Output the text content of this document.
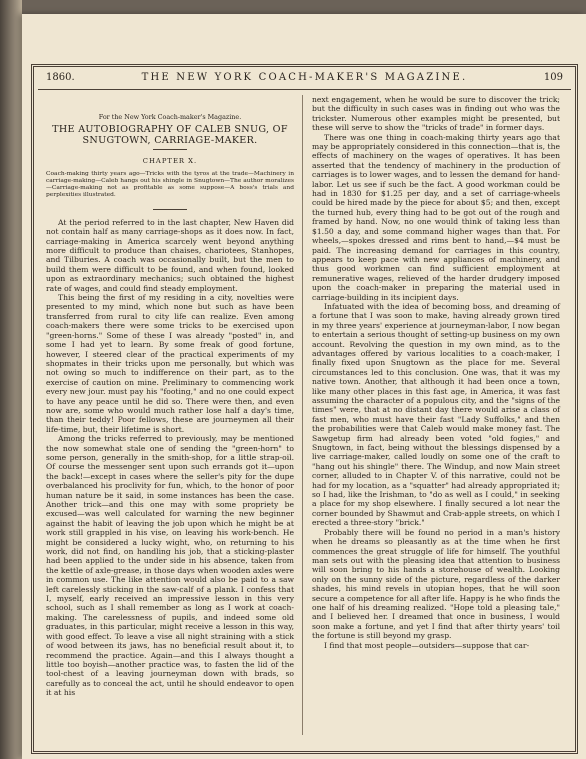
1860.	THE NEW YORK COACH-MAKER'S MAGAZINE.	109
For the New York Coach-maker's Magazine.
THE AUTOBIOGRAPHY OF CALEB SNUG, OF SNUGTOWN, CARRIAGE-MAKER.
CHAPTER X.

Coach-making thirty years ago—Tricks with the tyros at the trade—Machinery in carriage-making—Caleb hangs out his shingle in Snugtown—The author moralizes—Carriage-making not as profitable as some suppose—A boss's trials and perplexities illustrated.

At the period referred to in the last chapter, New Haven did not contain half as many carriage-shops as it does now. In fact, carriage-making in America scarcely went beyond anything more difficult to produce than chaises, chariotees, Stanhopes, and Tilburies. A coach was occasionally built, but the men to build them were difficult to be found, and when found, looked upon as extraordinary mechanics; such obtained the highest rate of wages, and could find steady employment.

This being the first of my residing in a city, novelties were presented to my mind, which none but such as have been transferred from rural to city life can realize. Even among coach-makers there were some tricks to be exercised upon "green-horns." Some of these I was already "posted" in, and some I had yet to learn. By some freak of good fortune, however, I steered clear of the practical experiments of my shopmates in their tricks upon me personally, but which was not owing so much to indifference on their part, as to the exercise of caution on mine. Preliminary to commencing work every new jour. must pay his "footing," and no one could expect to have any peace until he did so. There were then, and even now are, some who would much rather lose half a day's time, than their teddy! Poor fellows, these are journeymen all their life-time, but, their lifetime is short.

Among the tricks referred to previously, may be mentioned the now somewhat stale one of sending the "green-horn" to some person, generally in the smith-shop, for a little strap-oil. Of course the messenger sent upon such errands got it—upon the back!—except in cases where the seller's pity for the dupe overbalanced his proclivity for fun, which, to the honor of poor human nature be it said, in some instances has been the case. Another trick—and this one may with some propriety be excused—was well calculated for warning the new beginner against the habit of leaving the job upon which he might be at work still grappled in his vise, on leaving his work-bench. He might be considered a lucky wight, who, on returning to his work, did not find, on handling his job, that a sticking-plaster had been applied to the under side in his absence, taken from the kettle of axle-grease, in those days when wooden axles were in common use. The like attention would also be paid to a saw left carelessly sticking in the saw-calf of a plank. I confess that I, myself, early received an impressive lesson in this very school, such as I shall remember as long as I work at coach-making. The carelessness of pupils, and indeed some old graduates, in this particular, might receive a lesson in this way, with good effect. To leave a vise all night straining with a stick of wood between its jaws, has no beneficial result about it, to recommend the practice. Again—and this I always thought a little too boyish—another practice was, to fasten the lid of the tool-chest of a leaving journeyman down with brads, so carefully as to conceal the act, until he should endeavor to open it at his

next engagement, when he would be sure to discover the trick; but the difficulty in such cases was in finding out who was the trickster. Numerous other examples might be presented, but these will serve to show the "tricks of trade" in former days.

There was one thing in coach-making thirty years ago that may be appropriately considered in this connection—that is, the effects of machinery on the wages of operatives. It has been asserted that the tendency of machinery in the production of carriages is to lower wages, and to lessen the demand for hand-labor. Let us see if such be the fact. A good workman could be had in 1830 for $1.25 per day, and a set of carriage-wheels could be hired made by the piece for about $5; and then, except the turned hub, every thing had to be got out of the rough and framed by hand. Now, no one would think of taking less than $1.50 a day, and some command higher wages than that. For wheels,—spokes dressed and rims bent to hand,—$4 must be paid. The increasing demand for carriages in this country, appears to keep pace with new appliances of machinery, and thus good workmen can find sufficient employment at remunerative wages, relieved of the harder drudgery imposed upon the coach-maker in preparing the material used in carriage-building in its incipient days.

Infatuated with the idea of becoming boss, and dreaming of a fortune that I was soon to make, having already grown tired in my three years' experience at journeyman-labor, I now began to entertain a serious thought of setting-up business on my own account. Revolving the question in my own mind, as to the advantages offered by various localities to a coach-maker, I finally fixed upon Snugtown as the place for me. Several circumstances led to this conclusion. One was, that it was my native town. Another, that although it had been once a town, like many other places in this fast age, in America, it was fast assuming the character of a populous city, and the "signs of the times" were, that at no distant day there would arise a class of fast men, who must have their fast "Lady Suffolks," and then the probabilities were that Caleb would make money fast. The Sawgetup firm had already been voted "old fogies," and Snugtown, in fact, being without the blessings dispensed by a live carriage-maker, called loudly on some one of the craft to "hang out his shingle" there. The Windup, and now Main street corner, alluded to in Chapter V. of this narrative, could not be had for my location, as a "squatter" had already appropriated it; so I had, like the Irishman, to "do as well as I could," in seeking a place for my shop elsewhere. I finally secured a lot near the corner bounded by Shawmut and Crab-apple streets, on which I erected a three-story "brick."

Probably there will be found no period in a man's history when he dreams so pleasantly as at the time when he first commences the great struggle of life for himself. The youthful man sets out with the pleasing idea that attention to business will soon bring to his hands a storehouse of wealth. Looking only on the sunny side of the picture, regardless of the darker shades, his mind revels in utopian hopes, that he will soon secure a competence for all after life. Happy is he who finds the one half of his dreaming realized. "Hope told a pleasing tale," and I believed her. I dreamed that once in business, I would soon make a fortune, and yet I find that after thirty years' toil the fortune is still beyond my grasp.

I find that most people—outsiders—suppose that car-
